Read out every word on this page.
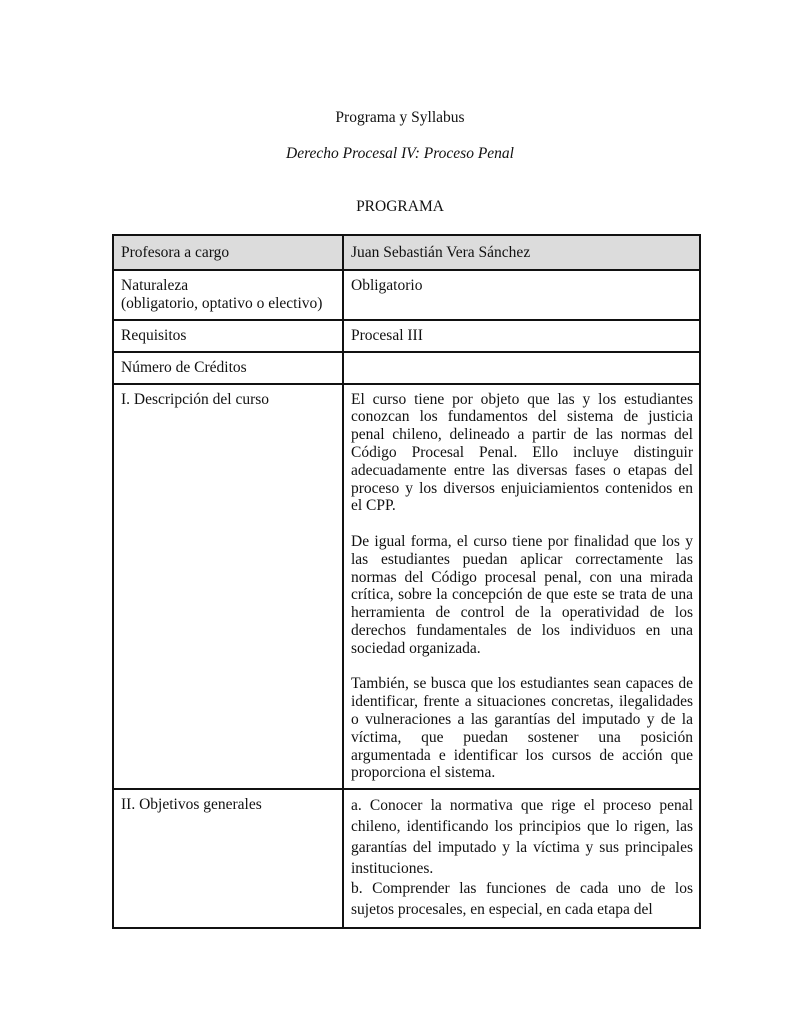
Programa y Syllabus
Derecho Procesal IV: Proceso Penal
PROGRAMA
Profesora a cargo	Juan Sebastián Vera Sánchez

Naturaleza
(obligatorio, optativo o electivo)	Obligatorio
Requisitos	Procesal III
Número de Créditos	
I. Descripción del curso	El curso tiene por objeto que las y los estudiantes conozcan los fundamentos del sistema de justicia penal chileno, delineado a partir de las normas del Código Procesal Penal. Ello incluye distinguir adecuadamente entre las diversas fases o etapas del proceso y los diversos enjuiciamientos contenidos en el CPP.

De igual forma, el curso tiene por finalidad que los y las estudiantes puedan aplicar correctamente las normas del Código procesal penal, con una mirada crítica, sobre la concepción de que este se trata de una herramienta de control de la operatividad de los derechos fundamentales de los individuos en una sociedad organizada.

También, se busca que los estudiantes sean capaces de identificar, frente a situaciones concretas, ilegalidades o vulneraciones a las garantías del imputado y de la víctima, que puedan sostener una posición argumentada e identificar los cursos de acción que proporciona el sistema.

II. Objetivos generales	a. Conocer la normativa que rige el proceso penal chileno, identificando los principios que lo rigen, las garantías del imputado y la víctima y sus principales instituciones.

b. Comprender las funciones de cada uno de los sujetos procesales, en especial, en cada etapa del
